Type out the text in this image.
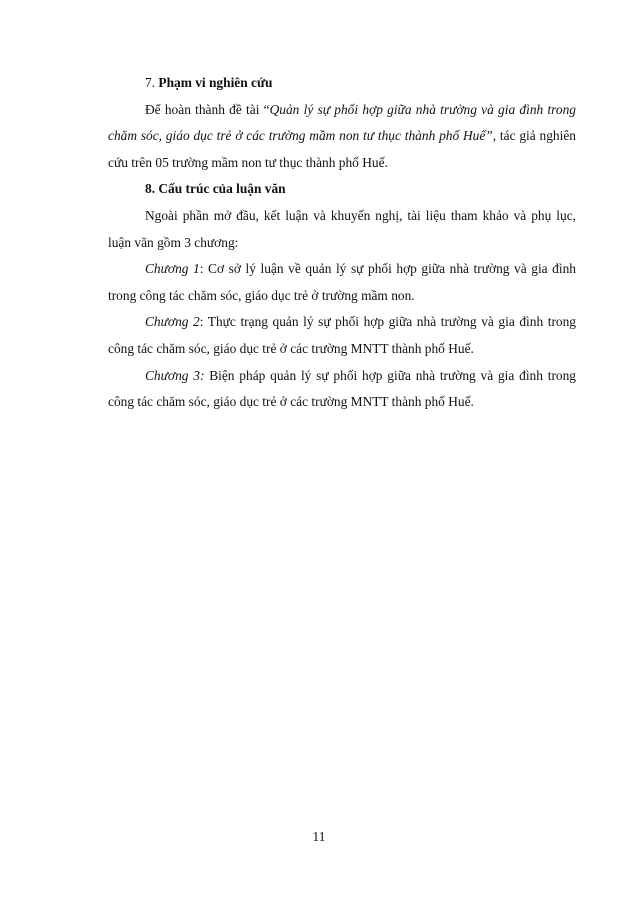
7. Phạm vi nghiên cứu

Để hoàn thành đề tài “Quản lý sự phối hợp giữa nhà trường và gia đình trong chăm sóc, giáo dục trẻ ở các trường mầm non tư thục thành phố Huế”, tác giả nghiên cứu trên 05 trường mầm non tư thục thành phố Huế.

8. Cấu trúc của luận văn

Ngoài phần mở đầu, kết luận và khuyến nghị, tài liệu tham khảo và phụ lục, luận văn gồm 3 chương:

Chương 1: Cơ sở lý luận về quản lý sự phối hợp giữa nhà trường và gia đình trong công tác chăm sóc, giáo dục trẻ ở trường mầm non.

Chương 2: Thực trạng quản lý sự phối hợp giữa nhà trường và gia đình trong công tác chăm sóc, giáo dục trẻ ở các trường MNTT thành phố Huế.

Chương 3: Biện pháp quản lý sự phối hợp giữa nhà trường và gia đình trong công tác chăm sóc, giáo dục trẻ ở các trường MNTT thành phố Huế.

11
